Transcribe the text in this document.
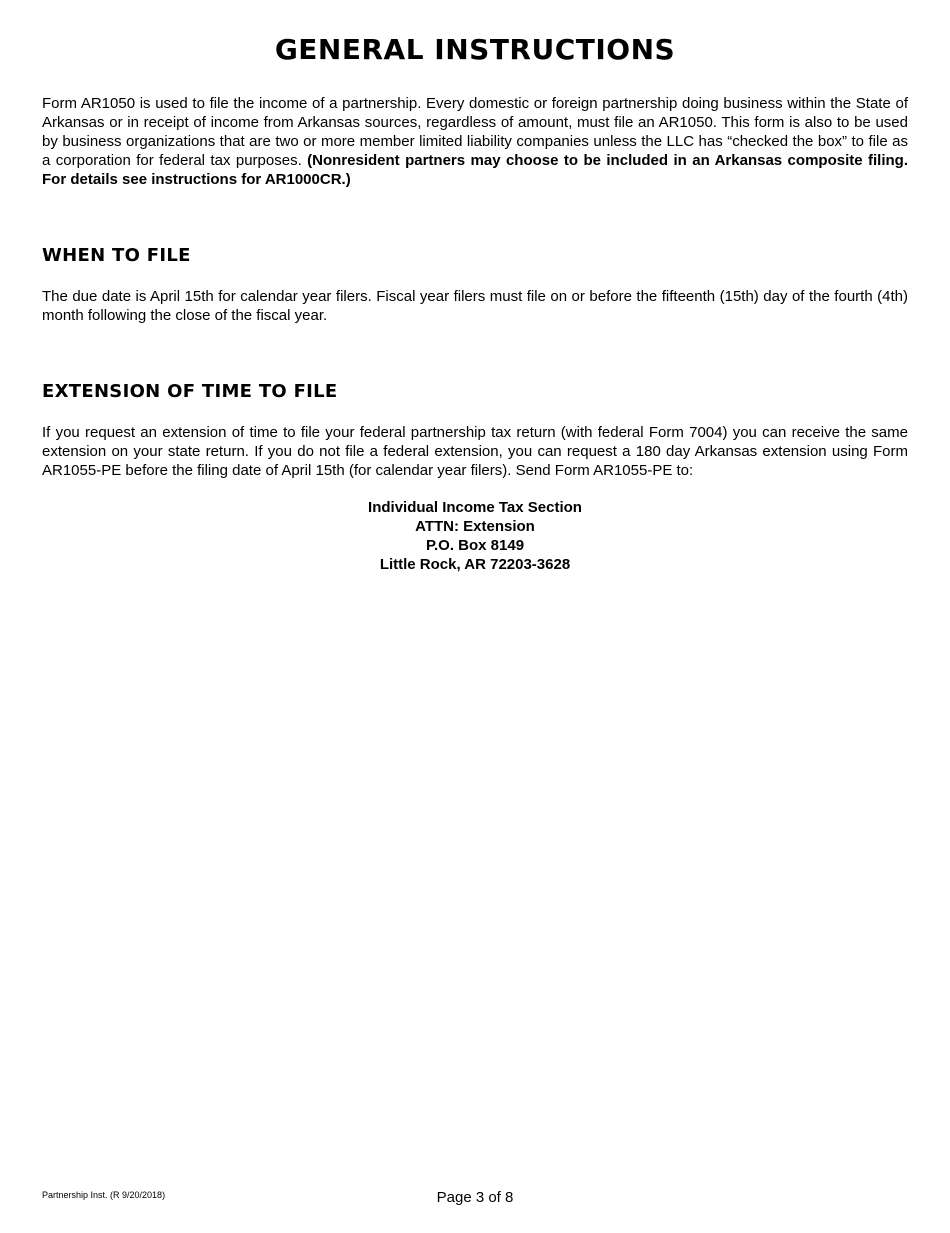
GENERAL INSTRUCTIONS

Form AR1050 is used to file the income of a partnership. Every domestic or foreign partnership doing business within the State of Arkansas or in receipt of income from Arkansas sources, regardless of amount, must file an AR1050. This form is also to be used by business organizations that are two or more member limited liability companies unless the LLC has “checked the box” to file as a corporation for federal tax purposes. (Nonresident partners may choose to be included in an Arkansas composite filing. For details see instructions for AR1000CR.)

WHEN TO FILE

The due date is April 15th for calendar year filers. Fiscal year filers must file on or before the fifteenth (15th) day of the fourth (4th) month following the close of the fiscal year.

EXTENSION OF TIME TO FILE

If you request an extension of time to file your federal partnership tax return (with federal Form 7004) you can receive the same extension on your state return. If you do not file a federal extension, you can request a 180 day Arkansas extension using Form AR1055-PE before the filing date of April 15th (for calendar year filers). Send Form AR1055-PE to:

Individual Income Tax Section
ATTN: Extension
P.O. Box 8149
Little Rock, AR 72203-3628
Partnership Inst. (R 9/20/2018)	Page 3 of 8
